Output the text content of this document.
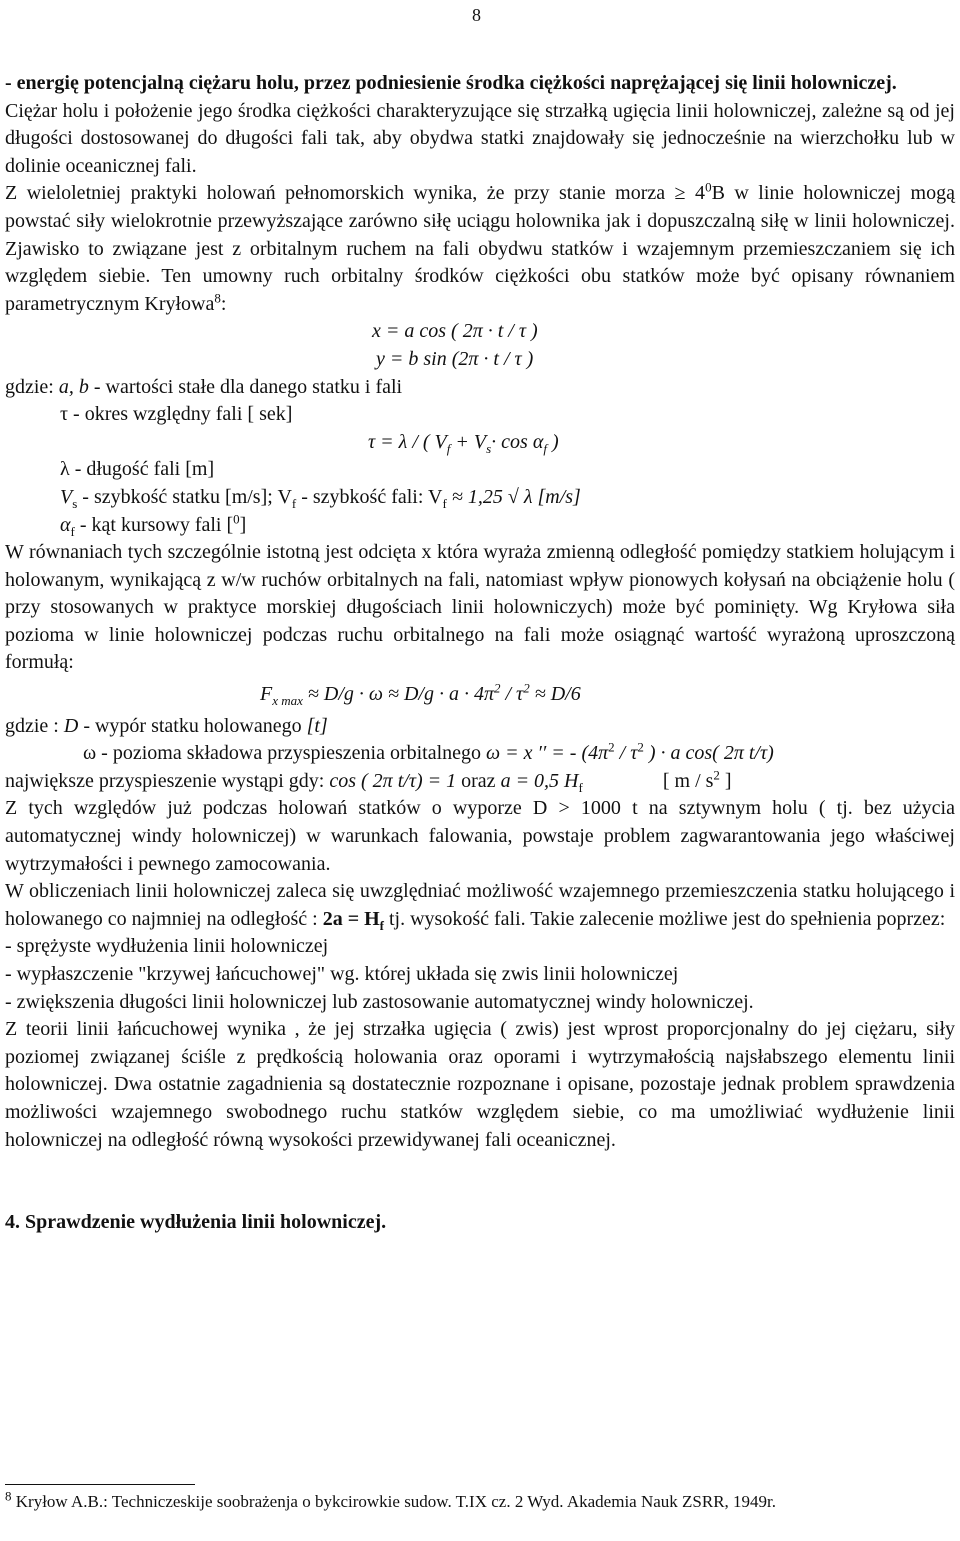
8

- energię potencjalną ciężaru holu, przez podniesienie środka ciężkości naprężającej się linii holowniczej.

Ciężar holu i położenie jego środka ciężkości charakteryzujące się strzałką ugięcia linii holowniczej, zależne są od jej długości dostosowanej do długości fali tak, aby obydwa statki znajdowały się jednocześnie na wierzchołku lub w dolinie oceanicznej fali.

Z wieloletniej praktyki holowań pełnomorskich wynika, że przy stanie morza ≥ $4^0B$ w linie holowniczej mogą powstać siły wielokrotnie przewyższające zarówno siłę uciągu holownika jak i dopuszczalną siłę w linii holowniczej. Zjawisko to związane jest z orbitalnym ruchem na fali obydwu statków i wzajemnym przemieszczaniem się ich względem siebie. Ten umowny ruch orbitalny środków ciężkości obu statków może być opisany równaniem parametrycznym Kryłowa$^8$:

x = a cos ( 2π · t / τ )

y = b sin (2π · t / τ )

gdzie: a, b - wartości stałe dla danego statku i fali

τ - okres względny fali [ sek]

τ = λ / ( $V_f + V_s\cdot \cos \alpha_f$ )

λ - długość fali [m]

$V_s$ - szybkość statku [m/s]; $V_f$ - szybkość fali: $V_f \approx 1,25$ √ λ [m/s]

$\alpha_f$ - kąt kursowy fali [$^0$]

W równaniach tych szczególnie istotną jest odcięta x która wyraża zmienną odległość pomiędzy statkiem holującym i holowanym, wynikającą z w/w ruchów orbitalnych na fali, natomiast wpływ pionowych kołysań na obciążenie holu ( przy stosowanych w praktyce morskiej długościach linii holowniczych) może być pominięty. Wg Kryłowa siła pozioma w linie holowniczej podczas ruchu orbitalnego na fali może osiągnąć wartość wyrażoną uproszczoną formułą:

$F_{x max} \approx D/g \cdot \omega \approx D/g \cdot a \cdot 4\pi^2 / \tau^2 \approx D/6$

gdzie : D - wypór statku holowanego [t]

ω - pozioma składowa przyspieszenia orbitalnego ω = x ′′ = - ($4\pi^2 / \tau^2$ ) · a cos( 2π t/τ)

największe przyspieszenie wystąpi gdy: cos ( 2π t/τ) = 1 oraz a = 0,5 $H_f$                [ m / $s^2$ ]

Z tych względów już podczas holowań statków o wyporze D > 1000 t na sztywnym holu ( tj. bez użycia automatycznej windy holowniczej) w warunkach falowania, powstaje problem zagwarantowania jego właściwej wytrzymałości i pewnego zamocowania.

W obliczeniach linii holowniczej zaleca się uwzględniać możliwość wzajemnego przemieszczenia statku holującego i holowanego co najmniej na odległość : $2a = H_f$ tj. wysokość fali. Takie zalecenie możliwe jest do spełnienia poprzez:

- sprężyste wydłużenia linii holowniczej

- wypłaszczenie "krzywej łańcuchowej" wg. której układa się zwis linii holowniczej

- zwiększenia długości linii holowniczej lub zastosowanie automatycznej windy holowniczej.

Z teorii linii łańcuchowej wynika , że jej strzałka ugięcia ( zwis) jest wprost proporcjonalny do jej ciężaru, siły poziomej związanej ściśle z prędkością holowania oraz oporami i wytrzymałością najsłabszego elementu linii holowniczej. Dwa ostatnie zagadnienia są dostatecznie rozpoznane i opisane, pozostaje jednak problem sprawdzenia możliwości wzajemnego swobodnego ruchu statków względem siebie, co ma umożliwiać wydłużenie linii holowniczej na odległość równą wysokości przewidywanej fali oceanicznej.

4. Sprawdzenie wydłużenia linii holowniczej.

$^8$ Kryłow A.B.: Techniczeskije soobrażenja o bykcirowkie sudow. T.IX cz. 2 Wyd. Akademia Nauk ZSRR, 1949r.
